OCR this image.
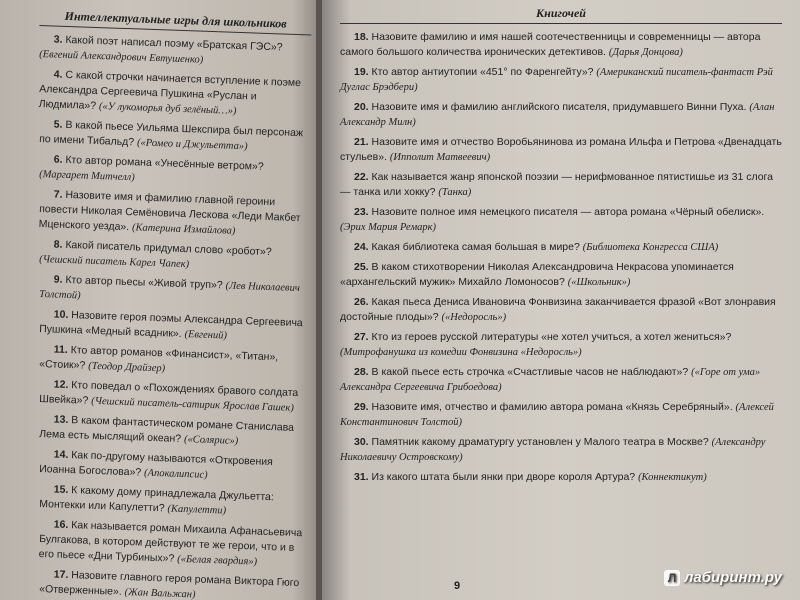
Интеллектуальные игры для школьников

3. Какой поэт написал поэму «Братская ГЭС»? (Евгений Александрович Евтушенко)

4. С какой строчки начинается вступление к поэме Александра Сергеевича Пушкина «Руслан и Людмила»? («У лукоморья дуб зелёный…»)

5. В какой пьесе Уильяма Шекспира был персонаж по имени Тибальд? («Ромео и Джульетта»)

6. Кто автор романа «Унесённые ветром»? (Маргарет Митчелл)

7. Назовите имя и фамилию главной героини повести Николая Семёновича Лескова «Леди Макбет Мценского уезда». (Катерина Измайлова)

8. Какой писатель придумал слово «робот»? (Чешский писатель Карел Чапек)

9. Кто автор пьесы «Живой труп»? (Лев Николаевич Толстой)

10. Назовите героя поэмы Александра Сергеевича Пушкина «Медный всадник». (Евгений)

11. Кто автор романов «Финансист», «Титан», «Стоик»? (Теодор Драйзер)

12. Кто поведал о «Похождениях бравого солдата Швейка»? (Чешский писатель-сатирик Ярослав Гашек)

13. В каком фантастическом романе Станислава Лема есть мыслящий океан? («Солярис»)

14. Как по-другому называются «Откровения Иоанна Богослова»? (Апокалипсис)

15. К какому дому принадлежала Джульетта: Монтекки или Капулетти? (Капулетти)

16. Как называется роман Михаила Афанасьевича Булгакова, в котором действуют те же герои, что и в его пьесе «Дни Турбиных»? («Белая гвардия»)

17. Назовите главного героя романа Виктора Гюго «Отверженные». (Жан Вальжан)

Книгочей

18. Назовите фамилию и имя нашей соотечественницы и современницы — автора самого большого количества иронических детективов. (Дарья Донцова)

19. Кто автор антиутопии «451° по Фаренгейту»? (Американский писатель-фантаст Рэй Дуглас Брэдбери)

20. Назовите имя и фамилию английского писателя, придумавшего Винни Пуха. (Алан Александр Милн)

21. Назовите имя и отчество Воробьянинова из романа Ильфа и Петрова «Двенадцать стульев». (Ипполит Матвеевич)

22. Как называется жанр японской поэзии — нерифмованное пятистишье из 31 слога — танка или хокку? (Танка)

23. Назовите полное имя немецкого писателя — автора романа «Чёрный обелиск». (Эрих Мария Ремарк)

24. Какая библиотека самая большая в мире? (Библиотека Конгресса США)

25. В каком стихотворении Николая Александровича Некрасова упоминается «архангельский мужик» Михайло Ломоносов? («Школьник»)

26. Какая пьеса Дениса Ивановича Фонвизина заканчивается фразой «Вот злонравия достойные плоды»? («Недоросль»)

27. Кто из героев русской литературы «не хотел учиться, а хотел жениться»? (Митрофанушка из комедии Фонвизина «Недоросль»)

28. В какой пьесе есть строчка «Счастливые часов не наблюдают»? («Горе от ума» Александра Сергеевича Грибоедова)

29. Назовите имя, отчество и фамилию автора романа «Князь Серебряный». (Алексей Константинович Толстой)

30. Памятник какому драматургу установлен у Малого театра в Москве? (Александру Николаевичу Островскому)

31. Из какого штата были янки при дворе короля Артура? (Коннектикут)

9
Л лабиринт.ру
